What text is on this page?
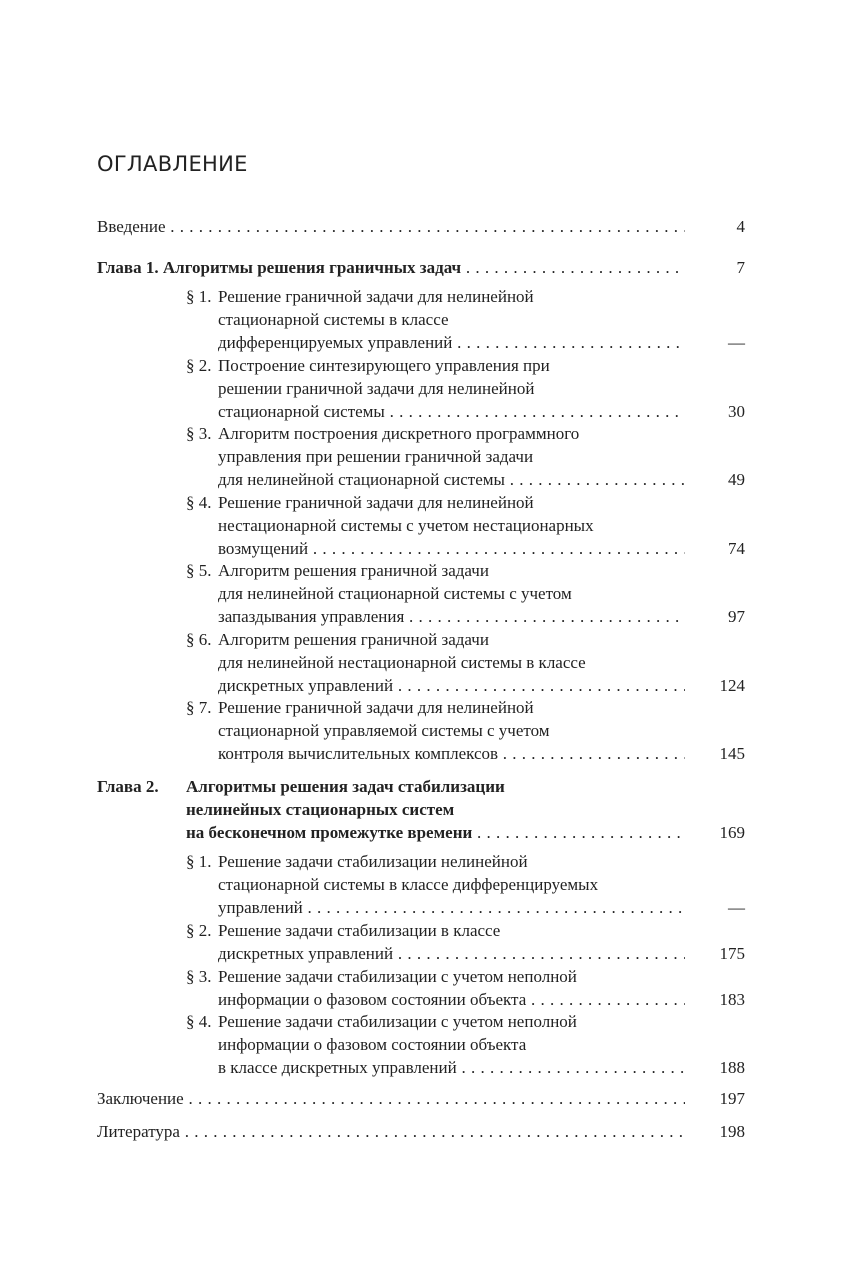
ОГЛАВЛЕНИЕ
Введение . . .	4
Глава 1. Алгоритмы решения граничных задач . . .	7
§ 1. Решение граничной задачи для нелинейной
стационарной системы в классе
дифференцируемых управлений . . .	—
§ 2. Построение синтезирующего управления при
решении граничной задачи для нелинейной
стационарной системы . . .	30
§ 3. Алгоритм построения дискретного программного
управления при решении граничной задачи
для нелинейной стационарной системы . . .	49
§ 4. Решение граничной задачи для нелинейной
нестационарной системы с учетом нестационарных
возмущений . . .	74
§ 5. Алгоритм решения граничной задачи
для нелинейной стационарной системы с учетом
запаздывания управления . . .	97
§ 6. Алгоритм решения граничной задачи
для нелинейной нестационарной системы в классе
дискретных управлений . . .	124
§ 7. Решение граничной задачи для нелинейной
стационарной управляемой системы с учетом
контроля вычислительных комплексов . . .	145
Глава 2. Алгоритмы решения задач стабилизации
нелинейных стационарных систем
на бесконечном промежутке времени . . .	169
§ 1. Решение задачи стабилизации нелинейной
стационарной системы в классе дифференцируемых
управлений . . .	—
§ 2. Решение задачи стабилизации в классе
дискретных управлений . . .	175
§ 3. Решение задачи стабилизации с учетом неполной
информации о фазовом состоянии объекта . . .	183
§ 4. Решение задачи стабилизации с учетом неполной
информации о фазовом состоянии объекта
в классе дискретных управлений . . .	188
Заключение . . .	197
Литература . . .	198
